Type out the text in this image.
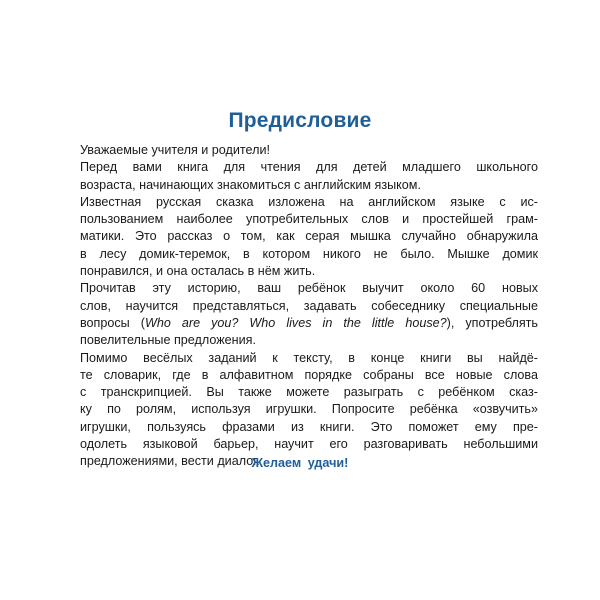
Предисловие

Уважаемые учителя и родители!

Перед вами книга для чтения для детей младшего школьного
возраста, начинающих знакомиться с английским языком.

Известная русская сказка изложена на английском языке с ис-
пользованием наиболее употребительных слов и простейшей грам-
матики. Это рассказ о том, как серая мышка случайно обнаружила
в лесу домик-теремок, в котором никого не было. Мышке домик
понравился, и она осталась в нём жить.

Прочитав эту историю, ваш ребёнок выучит около 60 новых
слов, научится представляться, задавать собеседнику специальные
вопросы (Who are you? Who lives in the little house?), употреблять
повелительные предложения.

Помимо весёлых заданий к тексту, в конце книги вы найдё-
те словарик, где в алфавитном порядке собраны все новые слова
с транскрипцией. Вы также можете разыграть с ребёнком сказ-
ку по ролям, используя игрушки. Попросите ребёнка «озвучить»
игрушки, пользуясь фразами из книги. Это поможет ему пре-
одолеть языковой барьер, научит его разговаривать небольшими
предложениями, вести диалог.

Желаем удачи!
